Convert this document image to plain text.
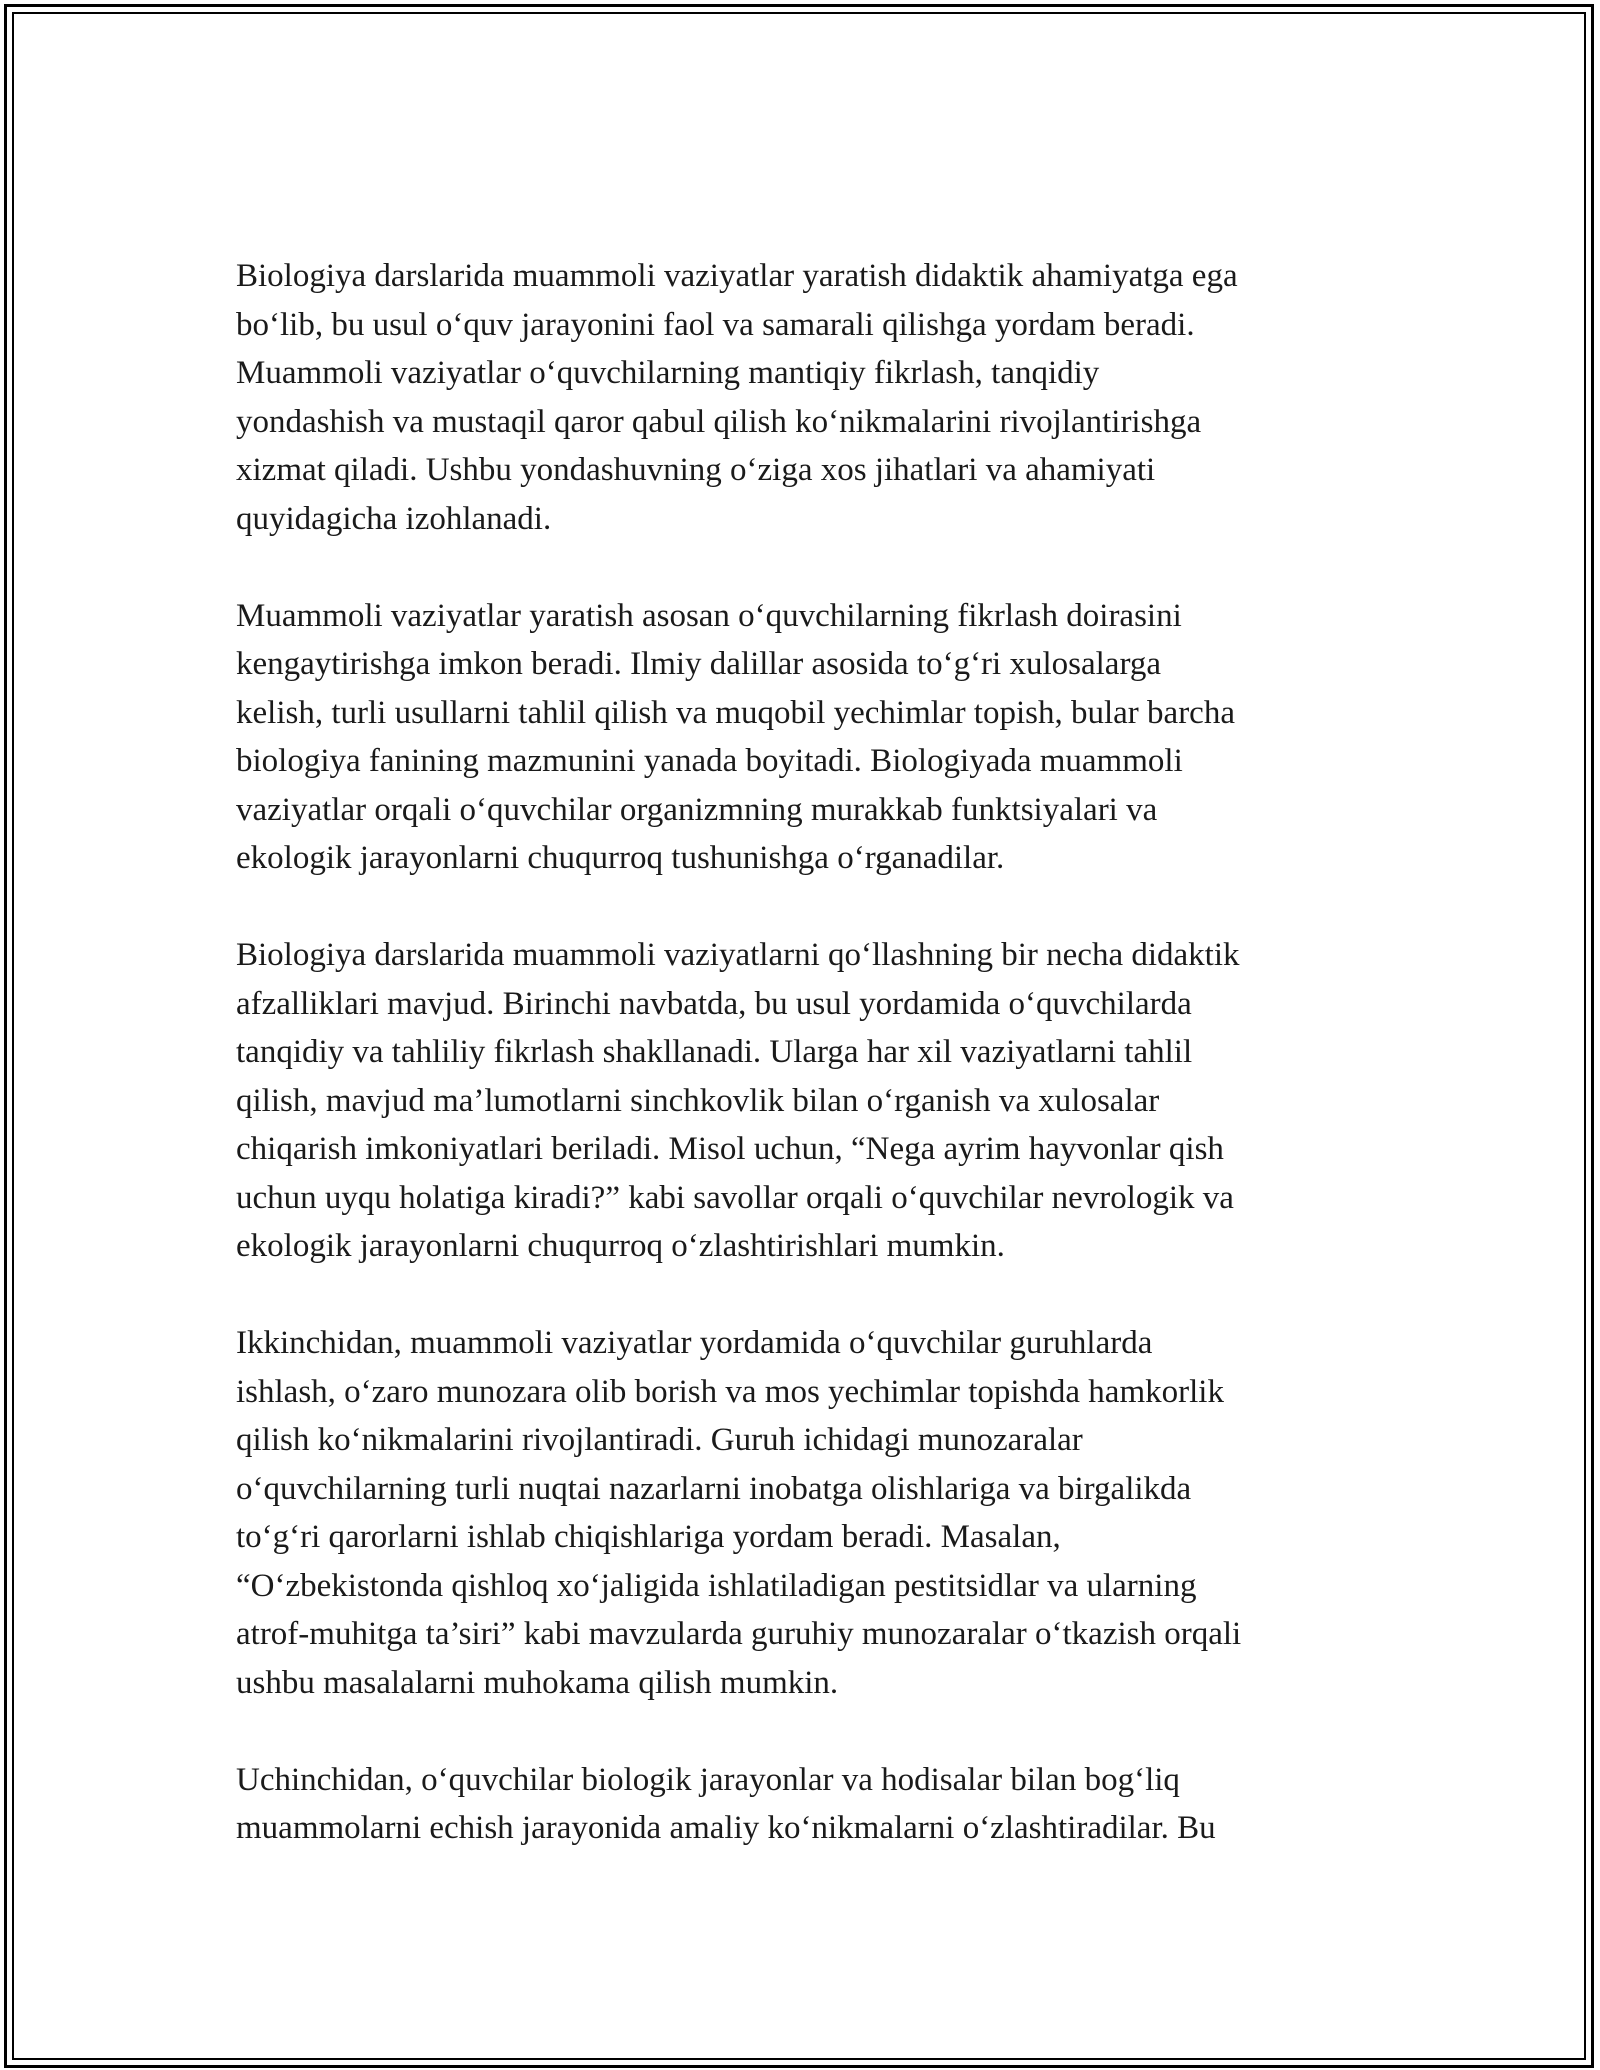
Biologiya darslarida muammoli vaziyatlar yaratish didaktik ahamiyatga ega
bo‘lib, bu usul o‘quv jarayonini faol va samarali qilishga yordam beradi.
Muammoli vaziyatlar o‘quvchilarning mantiqiy fikrlash, tanqidiy
yondashish va mustaqil qaror qabul qilish ko‘nikmalarini rivojlantirishga
xizmat qiladi. Ushbu yondashuvning o‘ziga xos jihatlari va ahamiyati
quyidagicha izohlanadi.

Muammoli vaziyatlar yaratish asosan o‘quvchilarning fikrlash doirasini
kengaytirishga imkon beradi. Ilmiy dalillar asosida to‘g‘ri xulosalarga
kelish, turli usullarni tahlil qilish va muqobil yechimlar topish, bular barcha
biologiya fanining mazmunini yanada boyitadi. Biologiyada muammoli
vaziyatlar orqali o‘quvchilar organizmning murakkab funktsiyalari va
ekologik jarayonlarni chuqurroq tushunishga o‘rganadilar.

Biologiya darslarida muammoli vaziyatlarni qo‘llashning bir necha didaktik
afzalliklari mavjud. Birinchi navbatda, bu usul yordamida o‘quvchilarda
tanqidiy va tahliliy fikrlash shakllanadi. Ularga har xil vaziyatlarni tahlil
qilish, mavjud ma’lumotlarni sinchkovlik bilan o‘rganish va xulosalar
chiqarish imkoniyatlari beriladi. Misol uchun, “Nega ayrim hayvonlar qish
uchun uyqu holatiga kiradi?” kabi savollar orqali o‘quvchilar nevrologik va
ekologik jarayonlarni chuqurroq o‘zlashtirishlari mumkin.

Ikkinchidan, muammoli vaziyatlar yordamida o‘quvchilar guruhlarda
ishlash, o‘zaro munozara olib borish va mos yechimlar topishda hamkorlik
qilish ko‘nikmalarini rivojlantiradi. Guruh ichidagi munozaralar
o‘quvchilarning turli nuqtai nazarlarni inobatga olishlariga va birgalikda
to‘g‘ri qarorlarni ishlab chiqishlariga yordam beradi. Masalan,
“O‘zbekistonda qishloq xo‘jaligida ishlatiladigan pestitsidlar va ularning
atrof-muhitga ta’siri” kabi mavzularda guruhiy munozaralar o‘tkazish orqali
ushbu masalalarni muhokama qilish mumkin.

Uchinchidan, o‘quvchilar biologik jarayonlar va hodisalar bilan bog‘liq
muammolarni echish jarayonida amaliy ko‘nikmalarni o‘zlashtiradilar. Bu
